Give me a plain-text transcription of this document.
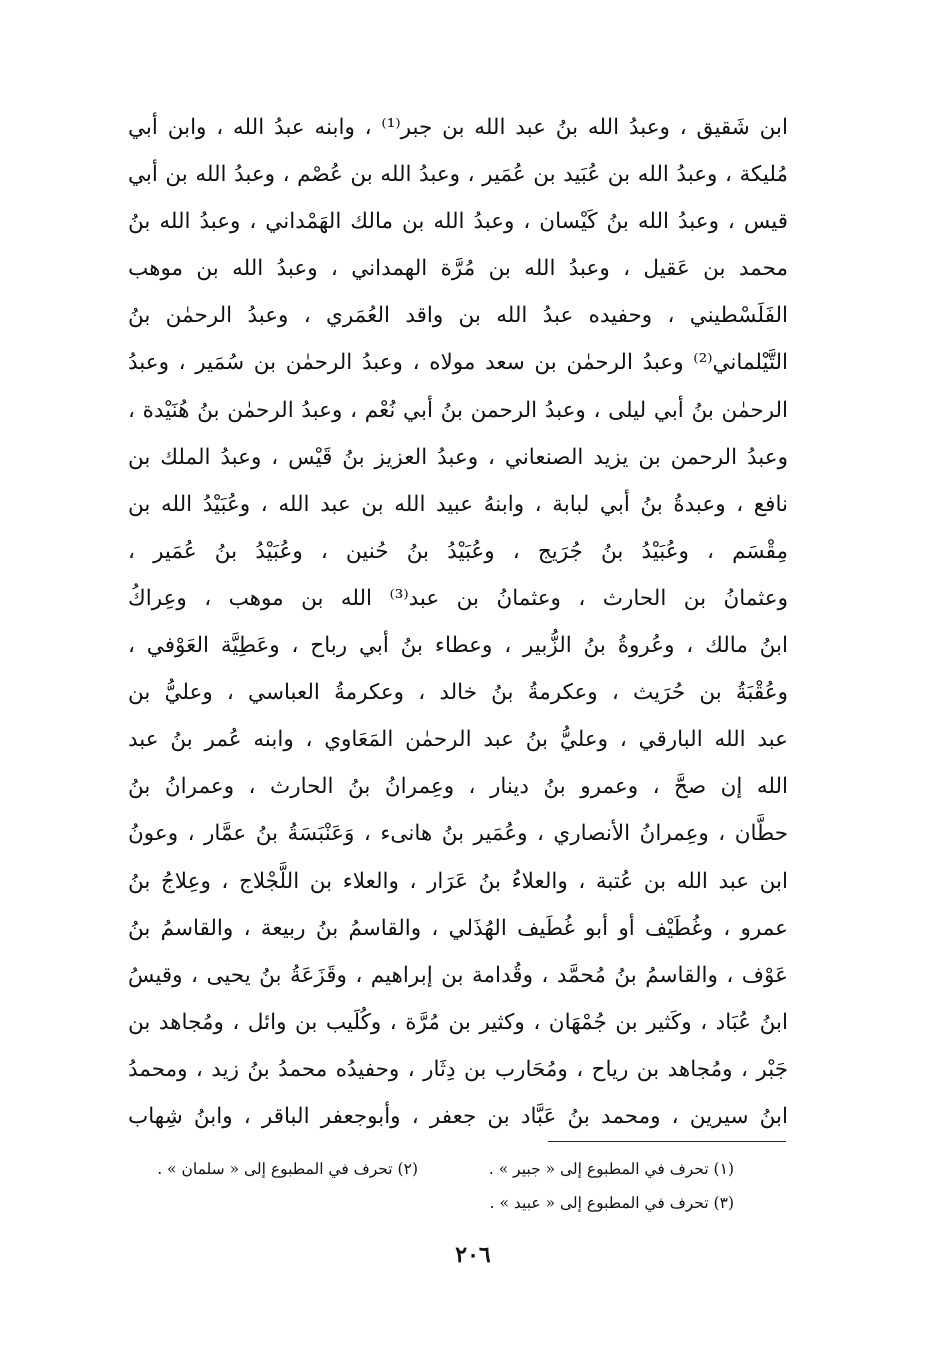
ابن شَقيق ، وعبدُ الله بنُ عبد الله بن جبر⁽¹⁾ ، وابنه عبدُ الله ، وابن أبي
مُليكة ، وعبدُ الله بن عُبَيد بن عُمَير ، وعبدُ الله بن عُصْم ، وعبدُ الله بن أبي
قيس ، وعبدُ الله بنُ كَيْسان ، وعبدُ الله بن مالك الهَمْداني ، وعبدُ الله بنُ
محمد بن عَقيل ، وعبدُ الله بن مُرَّة الهمداني ، وعبدُ الله بن موهب
الفَلَسْطيني ، وحفيده عبدُ الله بن واقد العُمَري ، وعبدُ الرحمٰن بنُ
التَّيْلماني⁽²⁾ وعبدُ الرحمٰن بن سعد مولاه ، وعبدُ الرحمٰن بن سُمَير ، وعبدُ
الرحمٰن بنُ أبي ليلى ، وعبدُ الرحمن بنُ أبي نُعْم ، وعبدُ الرحمٰن بنُ هُنَيْدة ،
وعبدُ الرحمن بن يزيد الصنعاني ، وعبدُ العزيز بنُ قَيْس ، وعبدُ الملك بن
نافع ، وعبدةُ بنُ أبي لبابة ، وابنهُ عبيد الله بن عبد الله ، وعُبَيْدُ الله بن
مِقْسَم ، وعُبَيْدُ بنُ جُرَيج ، وعُبَيْدُ بنُ حُنين ، وعُبَيْدُ بنُ عُمَير ،
وعثمانُ بن الحارث ، وعثمانُ بن عبد⁽³⁾ الله بن موهب ، وعِراكُ
ابنُ مالك ، وعُروةُ بنُ الزُّبير ، وعطاء بنُ أبي رباح ، وعَطِيَّة العَوْفي ،
وعُقْبَةُ بن حُرَيث ، وعكرمةُ بنُ خالد ، وعكرمةُ العباسي ، وعليُّ بن
عبد الله البارقي ، وعليُّ بنُ عبد الرحمٰن المَعَاوي ، وابنه عُمر بنُ عبد
الله إن صحَّ ، وعمرو بنُ دينار ، وعِمرانُ بنُ الحارث ، وعمرانُ بنُ
حطَّان ، وعِمرانُ الأنصاري ، وعُمَير بنُ هانىء ، وَعَنْبَسَةُ بنُ عمَّار ، وعونُ
ابن عبد الله بن عُتبة ، والعلاءُ بنُ عَرَار ، والعلاء بن اللَّجْلاج ، وعِلاجُ بنُ
عمرو ، وغُطَيْف أو أبو غُطَيف الهُذَلي ، والقاسمُ بنُ ربيعة ، والقاسمُ بنُ
عَوْف ، والقاسمُ بنُ مُحمَّد ، وقُدامة بن إبراهيم ، وقَزَعَةُ بنُ يحيى ، وقيسُ
ابنُ عُبَاد ، وكَثير بن جُمْهَان ، وكثير بن مُرَّة ، وكُلَيب بن وائل ، ومُجاهد بن
جَبْر ، ومُجاهد بن رياح ، ومُحَارب بن دِثَار ، وحفيدُه محمدُ بنُ زيد ، ومحمدُ
ابنُ سيرين ، ومحمد بنُ عَبَّاد بن جعفر ، وأبوجعفر الباقر ، وابنُ شِهاب
(١) تحرف في المطبوع إلى « جبير » .
(٢) تحرف في المطبوع إلى « سلمان » .
(٣) تحرف في المطبوع إلى « عبيد » .
٢٠٦
